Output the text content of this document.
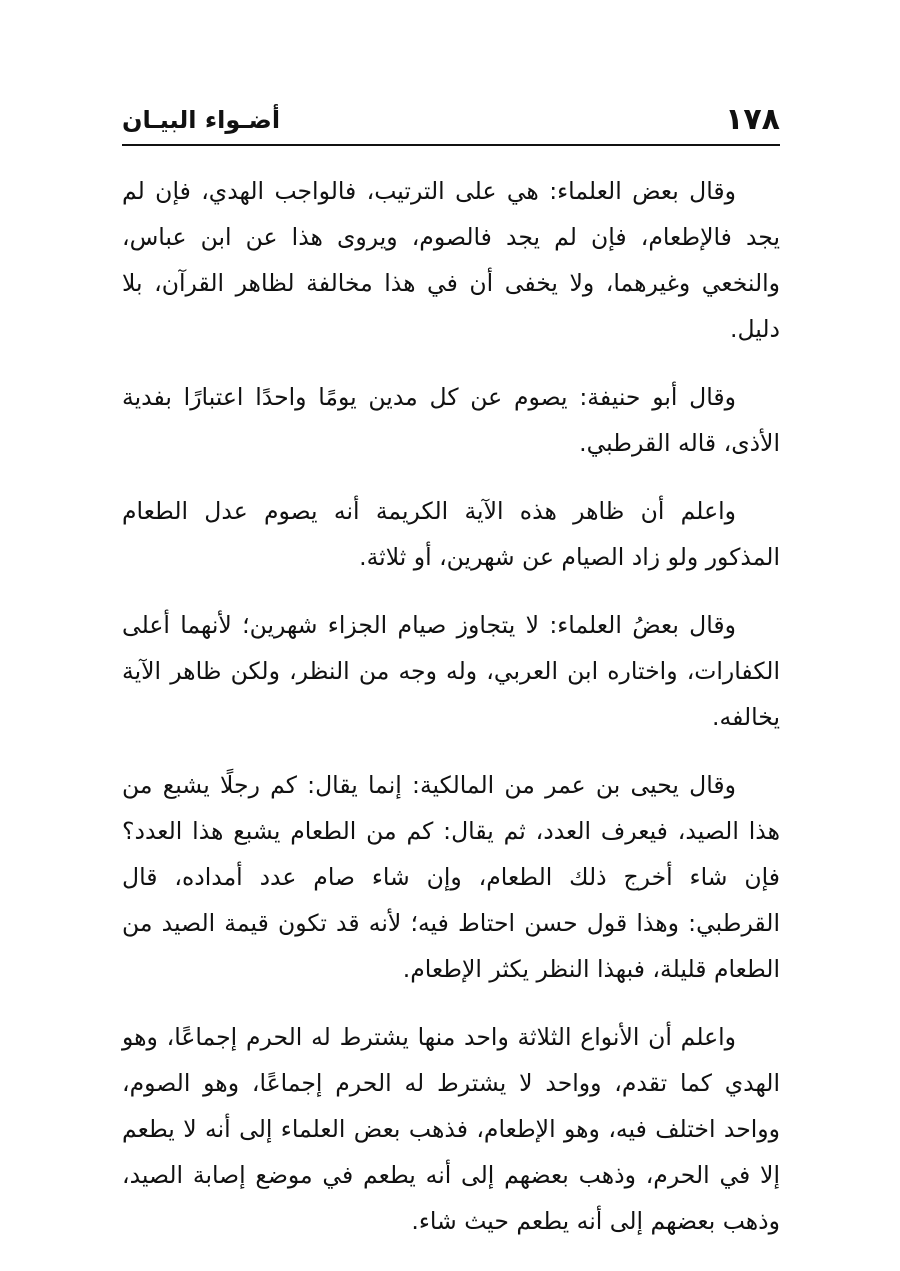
١٧٨
أضـواء البيـان

وقال بعض العلماء: هي على الترتيب، فالواجب الهدي، فإن لم يجد فالإطعام، فإن لم يجد فالصوم، ويروى هذا عن ابن عباس، والنخعي وغيرهما، ولا يخفى أن في هذا مخالفة لظاهر القرآن، بلا دليل.

وقال أبو حنيفة: يصوم عن كل مدين يومًا واحدًا اعتبارًا بفدية الأذى، قاله القرطبي.

واعلم أن ظاهر هذه الآية الكريمة أنه يصوم عدل الطعام المذكور ولو زاد الصيام عن شهرين، أو ثلاثة.

وقال بعضُ العلماء: لا يتجاوز صيام الجزاء شهرين؛ لأنهما أعلى الكفارات، واختاره ابن العربي، وله وجه من النظر، ولكن ظاهر الآية يخالفه.

وقال يحيى بن عمر من المالكية: إنما يقال: كم رجلًا يشبع من هذا الصيد، فيعرف العدد، ثم يقال: كم من الطعام يشبع هذا العدد؟ فإن شاء أخرج ذلك الطعام، وإن شاء صام عدد أمداده، قال القرطبي: وهذا قول حسن احتاط فيه؛ لأنه قد تكون قيمة الصيد من الطعام قليلة، فبهذا النظر يكثر الإطعام.

واعلم أن الأنواع الثلاثة واحد منها يشترط له الحرم إجماعًا، وهو الهدي كما تقدم، وواحد لا يشترط له الحرم إجماعًا، وهو الصوم، وواحد اختلف فيه، وهو الإطعام، فذهب بعض العلماء إلى أنه لا يطعم إلا في الحرم، وذهب بعضهم إلى أنه يطعم في موضع إصابة الصيد، وذهب بعضهم إلى أنه يطعم حيث شاء.
